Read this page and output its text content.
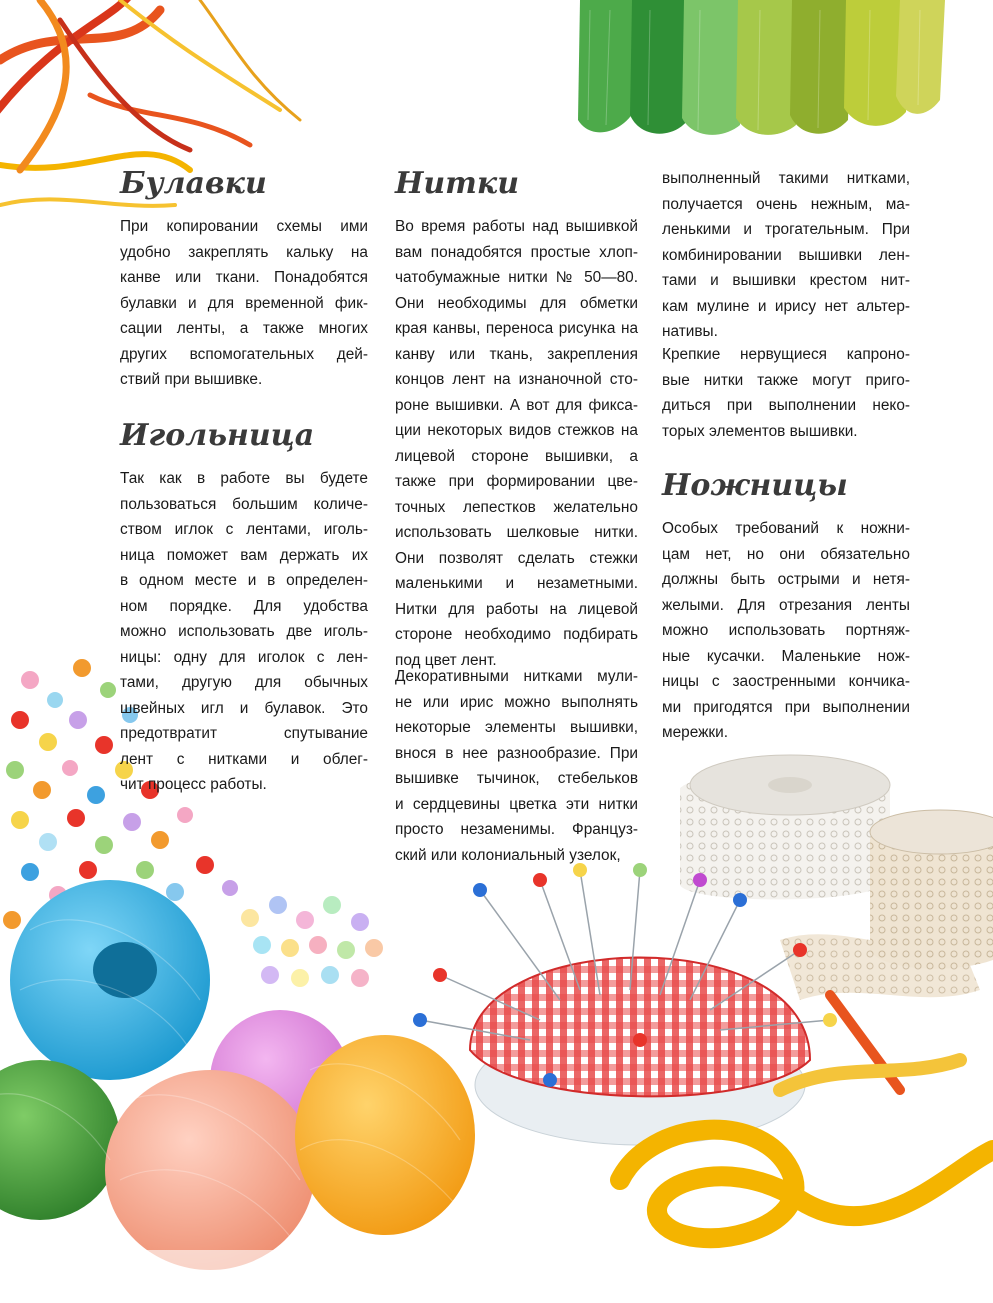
Булавки

При копировании схемы ими
удобно закреплять кальку на
канве или ткани. Понадобятся
булавки и для временной фик-
сации ленты, а также многих
других вспомогательных дей-
ствий при вышивке.

Игольница

Так как в работе вы будете
пользоваться большим количе-
ством иглок с лентами, иголь-
ница поможет вам держать их
в одном месте и в определен-
ном порядке. Для удобства
можно использовать две иголь-
ницы: одну для иголок с лен-
тами, другую для обычных
швейных игл и булавок. Это
предотвратит спутывание
лент с нитками и облег-
чит процесс работы.

Нитки

Во время работы над вышивкой
вам понадобятся простые хлоп-
чатобумажные нитки № 50—80.
Они необходимы для обметки
края канвы, переноса рисунка на
канву или ткань, закрепления
концов лент на изнаночной сто-
роне вышивки. А вот для фикса-
ции некоторых видов стежков на
лицевой стороне вышивки, а
также при формировании цве-
точных лепестков желательно
использовать шелковые нитки.
Они позволят сделать стежки
маленькими и незаметными.
Нитки для работы на лицевой
стороне необходимо подбирать
под цвет лент.

Декоративными нитками мули-
не или ирис можно выполнять
некоторые элементы вышивки,
внося в нее разнообразие. При
вышивке тычинок, стебельков
и сердцевины цветка эти нитки
просто незаменимы. Француз-
ский или колониальный узелок,

выполненный такими нитками,
получается очень нежным, ма-
ленькими и трогательным. При
комбинировании вышивки лен-
тами и вышивки крестом нит-
кам мулине и ирису нет альтер-
нативы.

Крепкие нервущиеся капроно-
вые нитки также могут приго-
диться при выполнении неко-
торых элементов вышивки.

Ножницы

Особых требований к ножни-
цам нет, но они обязательно
должны быть острыми и нетя-
желыми. Для отрезания ленты
можно использовать портняж-
ные кусачки. Маленькие нож-
ницы с заостренными кончика-
ми пригодятся при выполнении
мережки.
